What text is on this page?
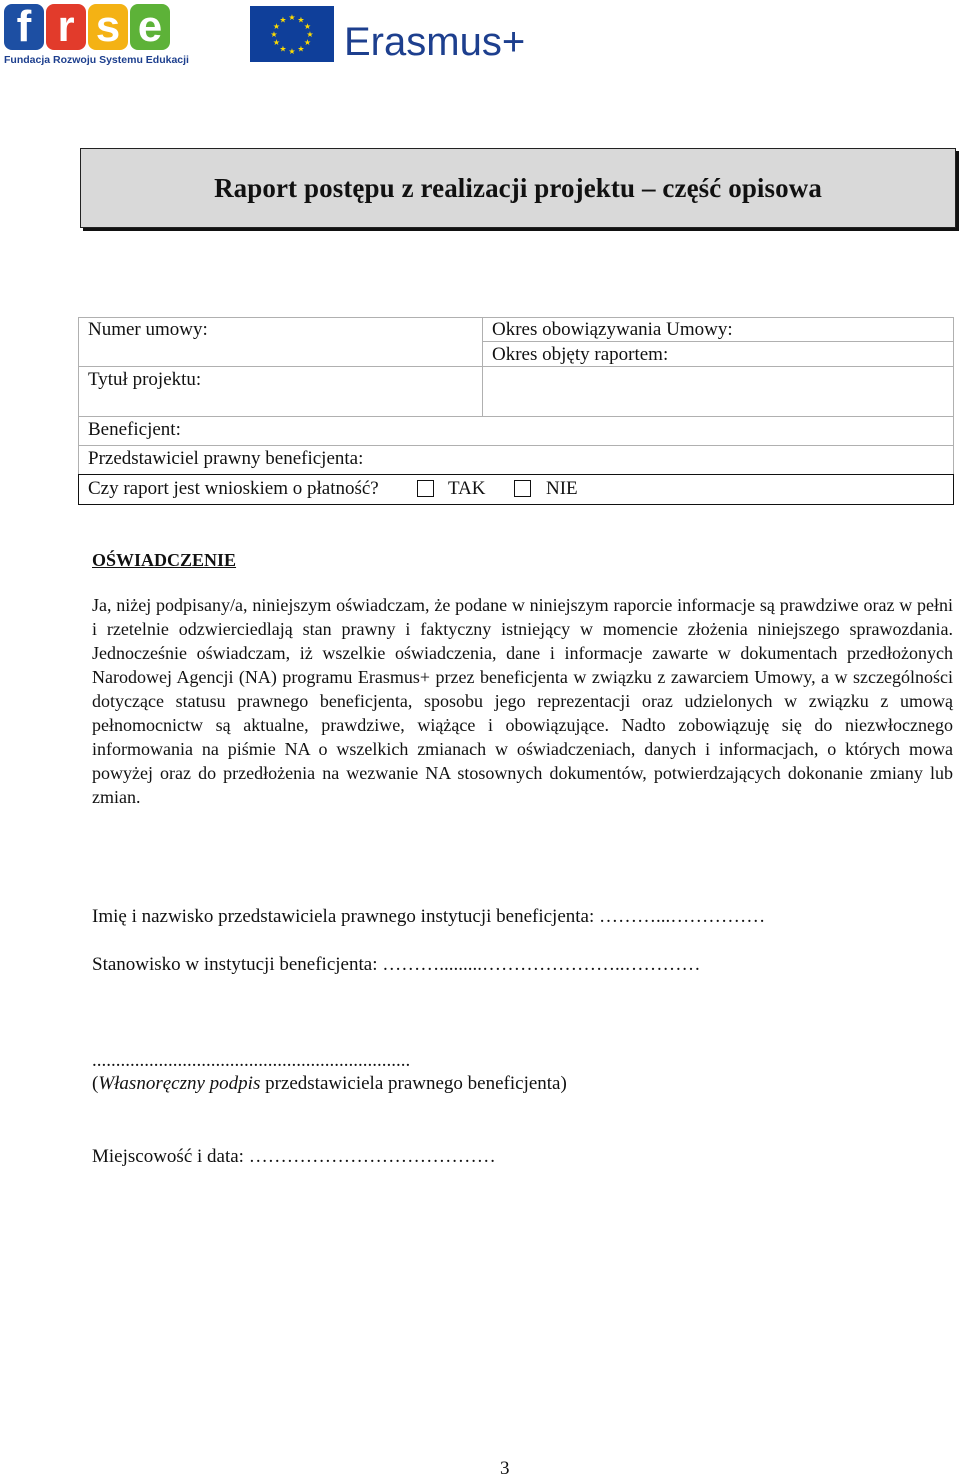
f r s e
Fundacja Rozwoju Systemu Edukacji
★ ★
★
★
★
★
★
★
★
★
★
★ Erasmus+
Raport postępu z realizacji projektu – część opisowa
Numer umowy:	Okres obowiązywania Umowy:
Okres objęty raportem:
Tytuł projektu:
Beneficjent:
Przedstawiciel prawny beneficjenta:
Czy raport jest wnioskiem o płatność?	TAK	NIE
OŚWIADCZENIE
Ja, niżej podpisany/a, niniejszym oświadczam, że podane w niniejszym raporcie informacje są prawdziwe oraz w pełni i rzetelnie odzwierciedlają stan prawny i faktyczny istniejący w momencie złożenia niniejszego sprawozdania. Jednocześnie oświadczam, iż wszelkie oświadczenia, dane i informacje zawarte w dokumentach przedłożonych Narodowej Agencji (NA) programu Erasmus+ przez beneficjenta w związku z zawarciem Umowy, a w szczególności dotyczące statusu prawnego beneficjenta, sposobu jego reprezentacji oraz udzielonych w związku z umową pełnomocnictw są aktualne, prawdziwe, wiążące i obowiązujące. Nadto zobowiązuję się do niezwłocznego informowania na piśmie NA o wszelkich zmianach w oświadczeniach, danych i informacjach, o których mowa powyżej oraz do przedłożenia na wezwanie NA stosownych dokumentów, potwierdzających dokonanie zmiany lub zmian.
Imię i nazwisko przedstawiciela prawnego instytucji beneficjenta: ………...……………
Stanowisko w instytucji beneficjenta: ……….........…………………..…………
...................................................................
(Własnoręczny podpis przedstawiciela prawnego beneficjenta)
Miejscowość i data: …………………………………
3
